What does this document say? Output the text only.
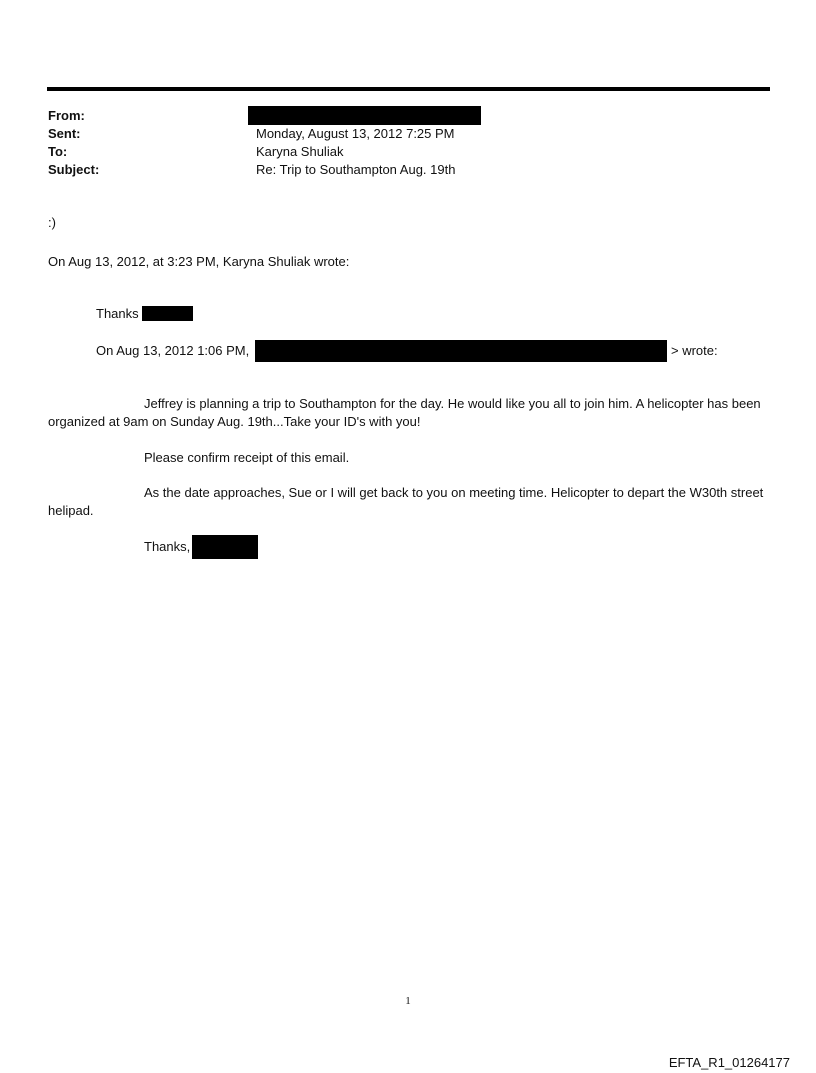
From:
Sent:	Monday, August 13, 2012 7:25 PM
To:	Karyna Shuliak
Subject:	Re: Trip to Southampton Aug. 19th
:)
On Aug 13, 2012, at 3:23 PM, Karyna Shuliak wrote:
Thanks
On Aug 13, 2012 1:06 PM,	> wrote:
Jeffrey is planning a trip to Southampton for the day. He would like you all to join him. A helicopter has been organized at 9am on Sunday Aug. 19th...Take your ID's with you!
Please confirm receipt of this email.
As the date approaches, Sue or I will get back to you on meeting time. Helicopter to depart the W30th street helipad.
Thanks,
1
EFTA_R1_01264177
